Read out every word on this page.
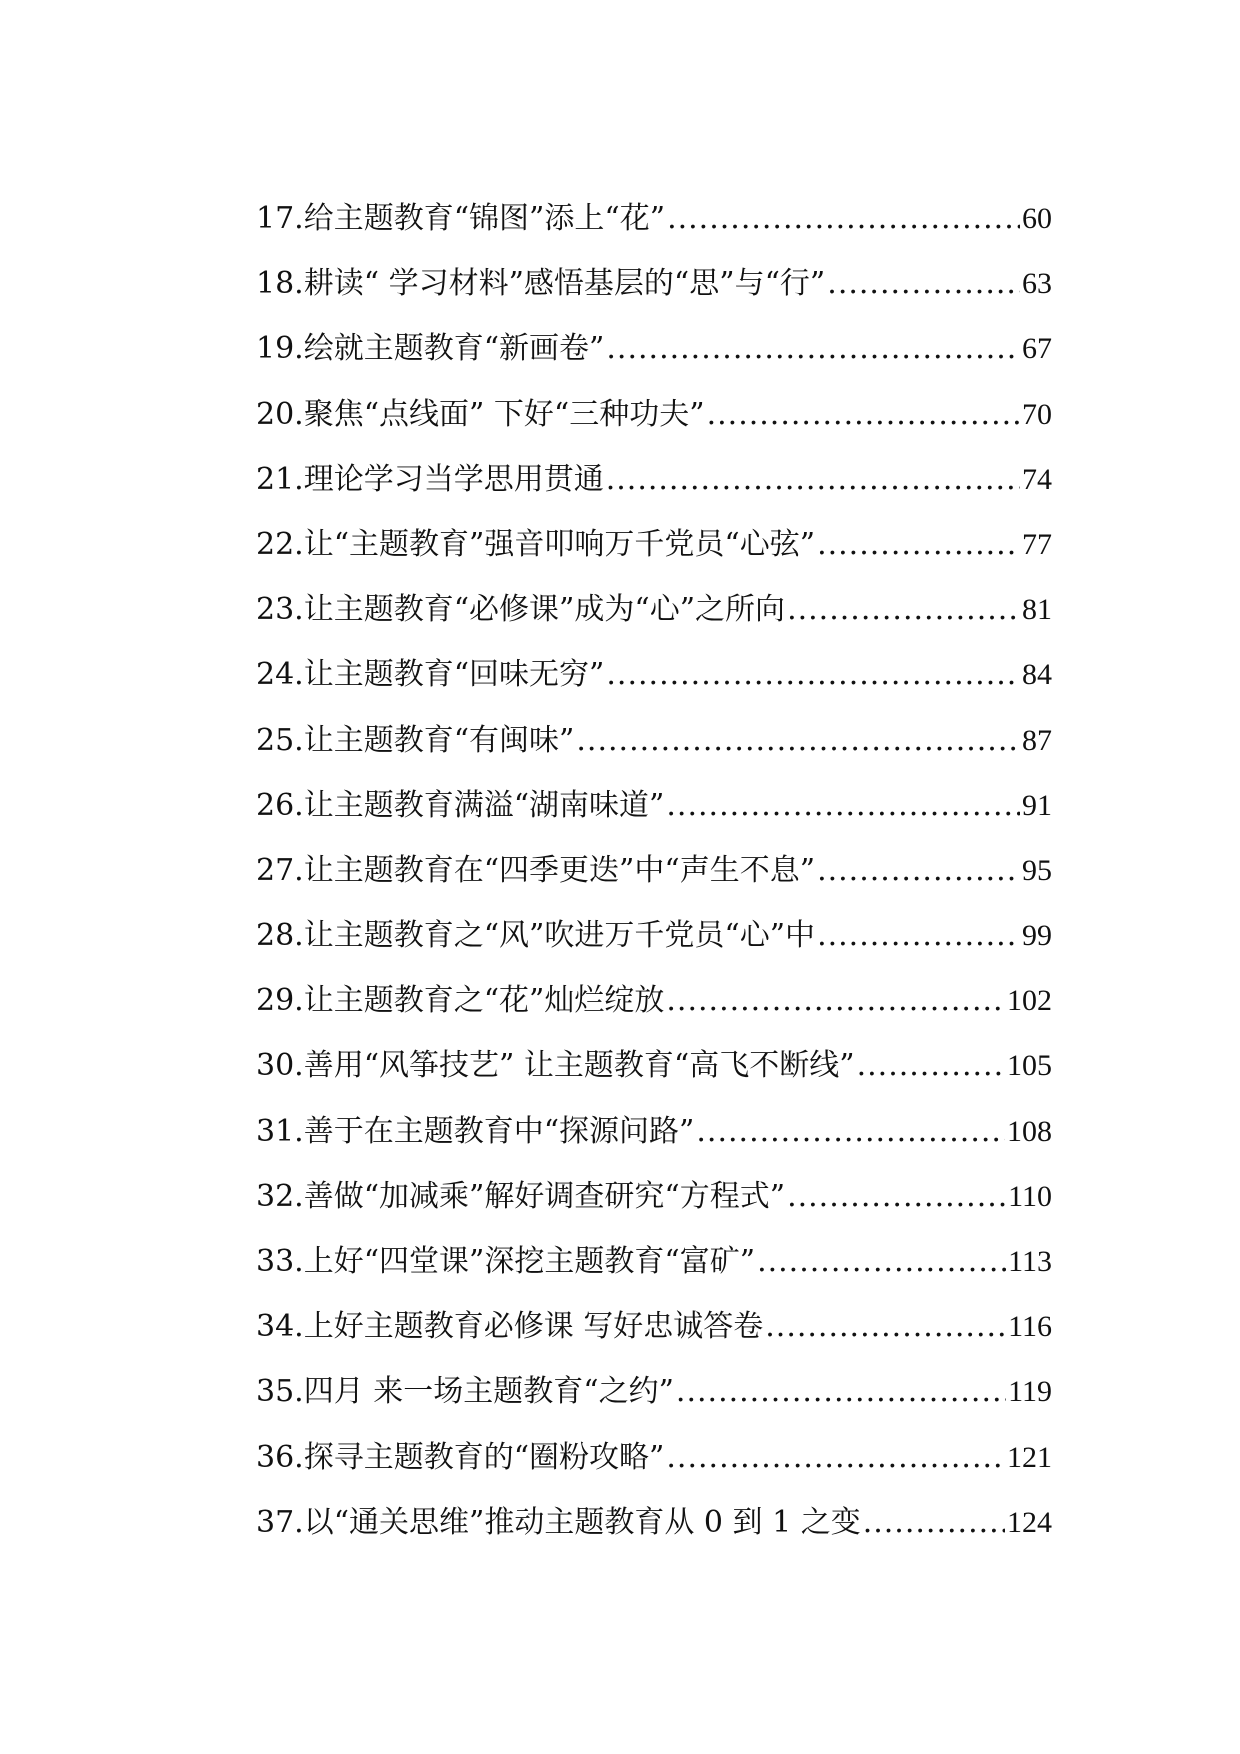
17.给主题教育“锦图”添上“花” .....	60
18.耕读“ 学习材料”感悟基层的“思”与“行” .....	63
19.绘就主题教育“新画卷” .....	67
20.聚焦“点线面” 下好“三种功夫” .....	70
21.理论学习当学思用贯通 .....	74
22.让“主题教育”强音叩响万千党员“心弦” .....	77
23.让主题教育“必修课”成为“心”之所向 .....	81
24.让主题教育“回味无穷” .....	84
25.让主题教育“有闽味” .....	87
26.让主题教育满溢“湖南味道” .....	91
27.让主题教育在“四季更迭”中“声生不息” .....	95
28.让主题教育之“风”吹进万千党员“心”中 .....	99
29.让主题教育之“花”灿烂绽放 .....	102
30.善用“风筝技艺” 让主题教育“高飞不断线” .....	105
31.善于在主题教育中“探源问路” .....	108
32.善做“加减乘”解好调查研究“方程式” .....	110
33.上好“四堂课”深挖主题教育“富矿” .....	113
34.上好主题教育必修课 写好忠诚答卷 .....	116
35.四月 来一场主题教育“之约” .....	119
36.探寻主题教育的“圈粉攻略” .....	121
37.以“通关思维”推动主题教育从 0 到 1 之变 .....	124
